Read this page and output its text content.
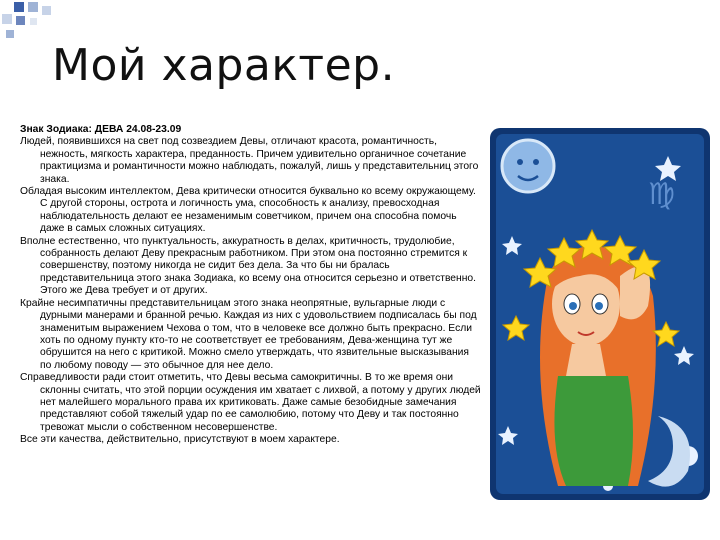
Мой характер.

Знак Зодиака: ДЕВА 24.08-23.09

Людей, появившихся на свет под созвездием Девы, отличают красота, романтичность, нежность, мягкость характера, преданность. Причем удивительно органичное сочетание практицизма и романтичности можно наблюдать, пожалуй, лишь у представительниц этого знака.

Обладая высоким интеллектом, Дева критически относится буквально ко всему окружающему. С другой стороны, острота и логичность ума, способность к анализу, превосходная наблюдательность делают ее незаменимым советчиком, причем она способна помочь даже в самых сложных ситуациях.

Вполне естественно, что пунктуальность, аккуратность в делах, критичность, трудолюбие, собранность делают Деву прекрасным работником. При этом она постоянно стремится к совершенству, поэтому никогда не сидит без дела. За что бы ни бралась представительница этого знака Зодиака, ко всему она относится серьезно и ответственно. Этого же Дева требует и от других.

Крайне несимпатичны представительницам этого знака неопрятные, вульгарные люди с дурными манерами и бранной речью. Каждая из них с удовольствием подписалась бы под знаменитым выражением Чехова о том, что в человеке все должно быть прекрасно. Если хоть по одному пункту кто-то не соответствует ее требованиям, Дева-женщина тут же обрушится на него с критикой. Можно смело утверждать, что язвительные высказывания по любому поводу — это обычное для нее дело.

Справедливости ради стоит отметить, что Девы весьма самокритичны. В то же время они склонны считать, что этой порции осуждения им хватает с лихвой, а потому у других людей нет малейшего морального права их критиковать. Даже самые безобидные замечания представляют собой тяжелый удар по ее самолюбию, потому что Деву и так постоянно тревожат мысли о собственном несовершенстве.

Все эти качества, действительно, присутствуют в моем характере.

♍
